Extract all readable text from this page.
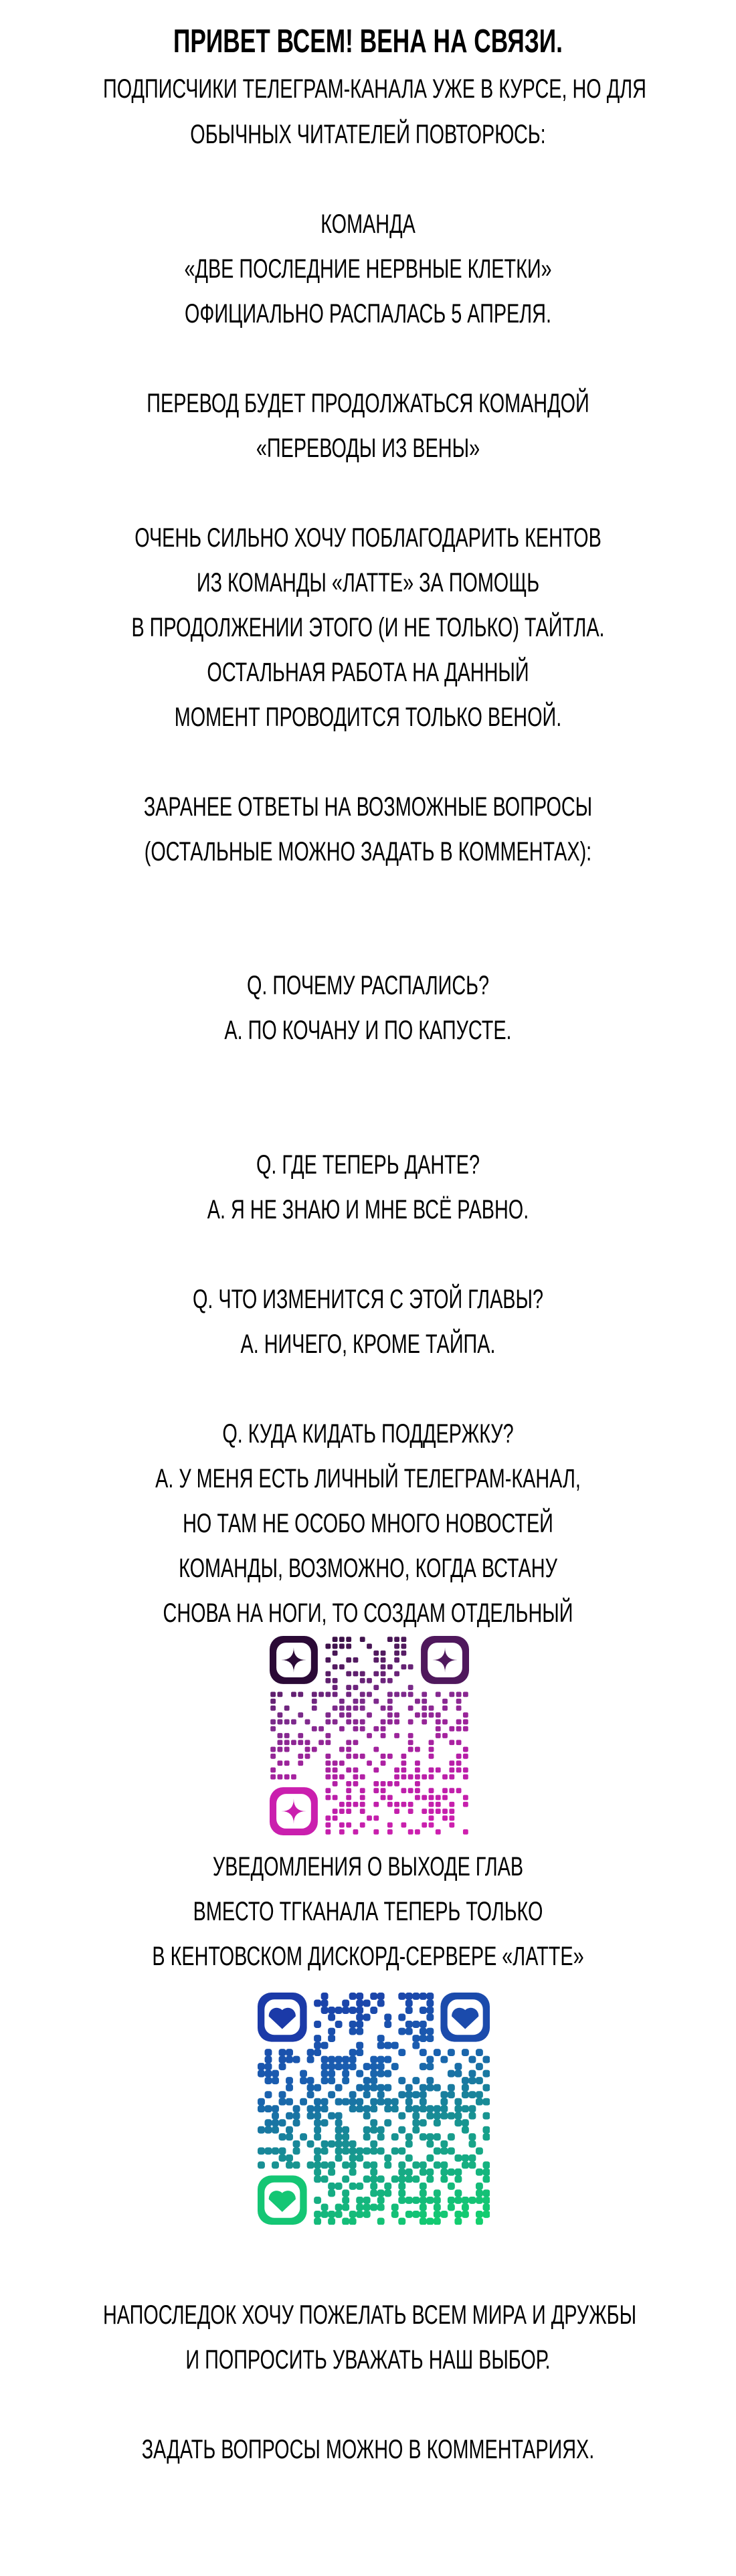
ПРИВЕТ ВСЕМ! ВЕНА НА СВЯЗИ.
ПОДПИСЧИКИ ТЕЛЕГРАМ-КАНАЛА УЖЕ В КУРСЕ, НО ДЛЯ
ОБЫЧНЫХ ЧИТАТЕЛЕЙ ПОВТОРЮСЬ:
КОМАНДА
«ДВЕ ПОСЛЕДНИЕ НЕРВНЫЕ КЛЕТКИ»
ОФИЦИАЛЬНО РАСПАЛАСЬ 5 АПРЕЛЯ.
ПЕРЕВОД БУДЕТ ПРОДОЛЖАТЬСЯ КОМАНДОЙ
«ПЕРЕВОДЫ ИЗ ВЕНЫ»
ОЧЕНЬ СИЛЬНО ХОЧУ ПОБЛАГОДАРИТЬ КЕНТОВ
ИЗ КОМАНДЫ «ЛАТТЕ» ЗА ПОМОЩЬ
В ПРОДОЛЖЕНИИ ЭТОГО (И НЕ ТОЛЬКО) ТАЙТЛА.
ОСТАЛЬНАЯ РАБОТА НА ДАННЫЙ
МОМЕНТ ПРОВОДИТСЯ ТОЛЬКО ВЕНОЙ.
ЗАРАНЕЕ ОТВЕТЫ НА ВОЗМОЖНЫЕ ВОПРОСЫ
(ОСТАЛЬНЫЕ МОЖНО ЗАДАТЬ В КОММЕНТАХ):
Q. ПОЧЕМУ РАСПАЛИСЬ?
A. ПО КОЧАНУ И ПО КАПУСТЕ.
Q. ГДЕ ТЕПЕРЬ ДАНТЕ?
A. Я НЕ ЗНАЮ И МНЕ ВСЁ РАВНО.
Q. ЧТО ИЗМЕНИТСЯ С ЭТОЙ ГЛАВЫ?
A. НИЧЕГО, КРОМЕ ТАЙПА.
Q. КУДА КИДАТЬ ПОДДЕРЖКУ?
A. У МЕНЯ ЕСТЬ ЛИЧНЫЙ ТЕЛЕГРАМ-КАНАЛ,
НО ТАМ НЕ ОСОБО МНОГО НОВОСТЕЙ
КОМАНДЫ, ВОЗМОЖНО, КОГДА ВСТАНУ
СНОВА НА НОГИ, ТО СОЗДАМ ОТДЕЛЬНЫЙ
УВЕДОМЛЕНИЯ О ВЫХОДЕ ГЛАВ
ВМЕСТО ТГКАНАЛА ТЕПЕРЬ ТОЛЬКО
В КЕНТОВСКОМ ДИСКОРД-СЕРВЕРЕ «ЛАТТЕ»
НАПОСЛЕДОК ХОЧУ ПОЖЕЛАТЬ ВСЕМ МИРА И ДРУЖБЫ
И ПОПРОСИТЬ УВАЖАТЬ НАШ ВЫБОР.
ЗАДАТЬ ВОПРОСЫ МОЖНО В КОММЕНТАРИЯХ.
